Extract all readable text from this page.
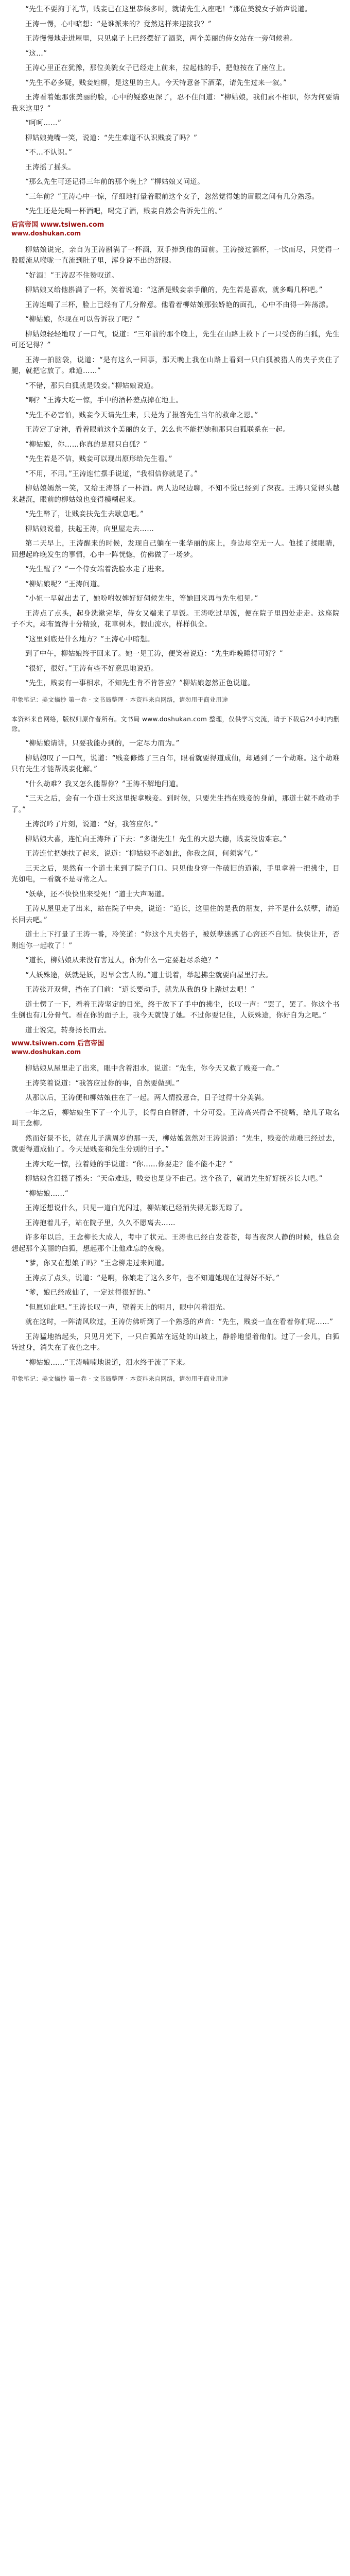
“先生不要拘于礼节，贱妾已在这里恭候多时，就请先生入座吧！”那位美貌女子娇声说道。

王涛一愣，心中暗想：“是谁派来的？竟然这样来迎接我？”

王涛慢慢地走进屋里，只见桌子上已经摆好了酒菜，两个美丽的侍女站在一旁伺候着。

“这…”

王涛心里正在犹豫，那位美貌女子已经走上前来，拉起他的手，把他按在了座位上。

“先生不必多疑，贱妾姓柳，是这里的主人。今天特意备下酒菜，请先生过来一叙。”

王涛看着她那张美丽的脸，心中的疑惑更深了，忍不住问道：“柳姑娘，我们素不相识，你为何要请我来这里？”

“呵呵……”

柳姑娘掩嘴一笑，说道：“先生难道不认识贱妾了吗？”

“不…不认识。”

王涛摇了摇头。

“那么先生可还记得三年前的那个晚上？”柳姑娘又问道。

“三年前？”王涛心中一惊，仔细地打量着眼前这个女子，忽然觉得她的眉眼之间有几分熟悉。

“先生还是先喝一杯酒吧，喝完了酒，贱妾自然会告诉先生的。”

后宫帝国 www.tsiwen.com
www.doshukan.com

柳姑娘说完，亲自为王涛斟满了一杯酒，双手捧到他的面前。王涛接过酒杯，一饮而尽，只觉得一股暖流从喉咙一直流到肚子里，浑身说不出的舒服。

“好酒！”王涛忍不住赞叹道。

柳姑娘又给他斟满了一杯，笑着说道：“这酒是贱妾亲手酿的，先生若是喜欢，就多喝几杯吧。”

王涛连喝了三杯，脸上已经有了几分醉意。他看着柳姑娘那张娇艳的面孔，心中不由得一阵荡漾。

“柳姑娘，你现在可以告诉我了吧？”

柳姑娘轻轻地叹了一口气，说道：“三年前的那个晚上，先生在山路上救下了一只受伤的白狐，先生可还记得？”

王涛一拍脑袋，说道：“是有这么一回事，那天晚上我在山路上看到一只白狐被猎人的夹子夹住了腿，就把它放了。难道……”

“不错，那只白狐就是贱妾。”柳姑娘说道。

“啊？”王涛大吃一惊，手中的酒杯差点掉在地上。

“先生不必害怕，贱妾今天请先生来，只是为了报答先生当年的救命之恩。”

王涛定了定神，看着眼前这个美丽的女子，怎么也不能把她和那只白狐联系在一起。

“柳姑娘，你……你真的是那只白狐？”

“先生若是不信，贱妾可以现出原形给先生看。”

“不用，不用。”王涛连忙摆手说道，“我相信你就是了。”

柳姑娘嫣然一笑，又给王涛斟了一杯酒。两人边喝边聊，不知不觉已经到了深夜。王涛只觉得头越来越沉，眼前的柳姑娘也变得模糊起来。

“先生醉了，让贱妾扶先生去歇息吧。”

柳姑娘说着，扶起王涛，向里屋走去……

第二天早上，王涛醒来的时候，发现自己躺在一张华丽的床上，身边却空无一人。他揉了揉眼睛，回想起昨晚发生的事情，心中一阵恍惚，仿佛做了一场梦。

“先生醒了？”一个侍女端着洗脸水走了进来。

“柳姑娘呢？”王涛问道。

“小姐一早就出去了，她吩咐奴婢好好伺候先生，等她回来再与先生相见。”

王涛点了点头，起身洗漱完毕，侍女又端来了早饭。王涛吃过早饭，便在院子里四处走走。这座院子不大，却布置得十分精致，花草树木，假山流水，样样俱全。

“这里到底是什么地方？”王涛心中暗想。

到了中午，柳姑娘终于回来了。她一见王涛，便笑着说道：“先生昨晚睡得可好？”

“很好，很好。”王涛有些不好意思地说道。

“先生，贱妾有一事相求，不知先生肯不肯答应？”柳姑娘忽然正色说道。

印象笔记：美文摘抄 第一卷 · 文书局整理 · 本资料来自网络，请勿用于商业用途

本资料来自网络，版权归原作者所有。文书局 www.doshukan.com 整理，仅供学习交流，请于下载后24小时内删除。

“柳姑娘请讲，只要我能办到的，一定尽力而为。”

柳姑娘叹了一口气，说道：“贱妾修炼了三百年，眼看就要得道成仙，却遇到了一个劫难。这个劫难只有先生才能帮贱妾化解。”

“什么劫难？我又怎么能帮你？”王涛不解地问道。

“三天之后，会有一个道士来这里捉拿贱妾。到时候，只要先生挡在贱妾的身前，那道士就不敢动手了。”

王涛沉吟了片刻，说道：“好，我答应你。”

柳姑娘大喜，连忙向王涛拜了下去：“多谢先生！先生的大恩大德，贱妾没齿难忘。”

王涛连忙把她扶了起来，说道：“柳姑娘不必如此，你我之间，何须客气。”

三天之后，果然有一个道士来到了院子门口。只见他身穿一件破旧的道袍，手里拿着一把拂尘，目光如电，一看就不是寻常之人。

“妖孽，还不快快出来受死！”道士大声喝道。

王涛从屋里走了出来，站在院子中央，说道：“道长，这里住的是我的朋友，并不是什么妖孽，请道长回去吧。”

道士上下打量了王涛一番，冷笑道：“你这个凡夫俗子，被妖孽迷惑了心窍还不自知。快快让开，否则连你一起收了！”

“道长，柳姑娘从来没有害过人，你为什么一定要赶尽杀绝？”

“人妖殊途，妖就是妖，迟早会害人的。”道士说着，举起拂尘就要向屋里打去。

王涛张开双臂，挡在了门前：“道长要动手，就先从我的身上踏过去吧！”

道士愣了一下，看着王涛坚定的目光，终于放下了手中的拂尘，长叹一声：“罢了，罢了。你这个书生倒也有几分骨气。看在你的面子上，我今天就饶了她。不过你要记住，人妖殊途，你好自为之吧。”

道士说完，转身扬长而去。

www.tsiwen.com 后宫帝国
www.doshukan.com

柳姑娘从屋里走了出来，眼中含着泪水，说道：“先生，你今天又救了贱妾一命。”

王涛笑着说道：“我答应过你的事，自然要做到。”

从那以后，王涛便和柳姑娘住在了一起。两人情投意合，日子过得十分美满。

一年之后，柳姑娘生下了一个儿子，长得白白胖胖，十分可爱。王涛高兴得合不拢嘴，给儿子取名叫王念柳。

然而好景不长，就在儿子满周岁的那一天，柳姑娘忽然对王涛说道：“先生，贱妾的劫难已经过去，就要得道成仙了。今天是贱妾和先生分别的日子。”

王涛大吃一惊，拉着她的手说道：“你……你要走？能不能不走？”

柳姑娘含泪摇了摇头：“天命难违，贱妾也是身不由己。这个孩子，就请先生好好抚养长大吧。”

“柳姑娘……”

王涛还想说什么，只见一道白光闪过，柳姑娘已经消失得无影无踪了。

王涛抱着儿子，站在院子里，久久不愿离去……

许多年以后，王念柳长大成人，考中了状元。王涛也已经白发苍苍，每当夜深人静的时候，他总会想起那个美丽的白狐，想起那个让他难忘的夜晚。

“爹，你又在想娘了吗？”王念柳走过来问道。

王涛点了点头，说道：“是啊，你娘走了这么多年，也不知道她现在过得好不好。”

“爹，娘已经成仙了，一定过得很好的。”

“但愿如此吧。”王涛长叹一声，望着天上的明月，眼中闪着泪光。

就在这时，一阵清风吹过，王涛仿佛听到了一个熟悉的声音：“先生，贱妾一直在看着你们呢……”

王涛猛地抬起头，只见月光下，一只白狐站在远处的山坡上，静静地望着他们。过了一会儿，白狐转过身，消失在了夜色之中。

“柳姑娘……”王涛喃喃地说道，泪水终于流了下来。

印象笔记：美文摘抄 第一卷 · 文书局整理 · 本资料来自网络，请勿用于商业用途
